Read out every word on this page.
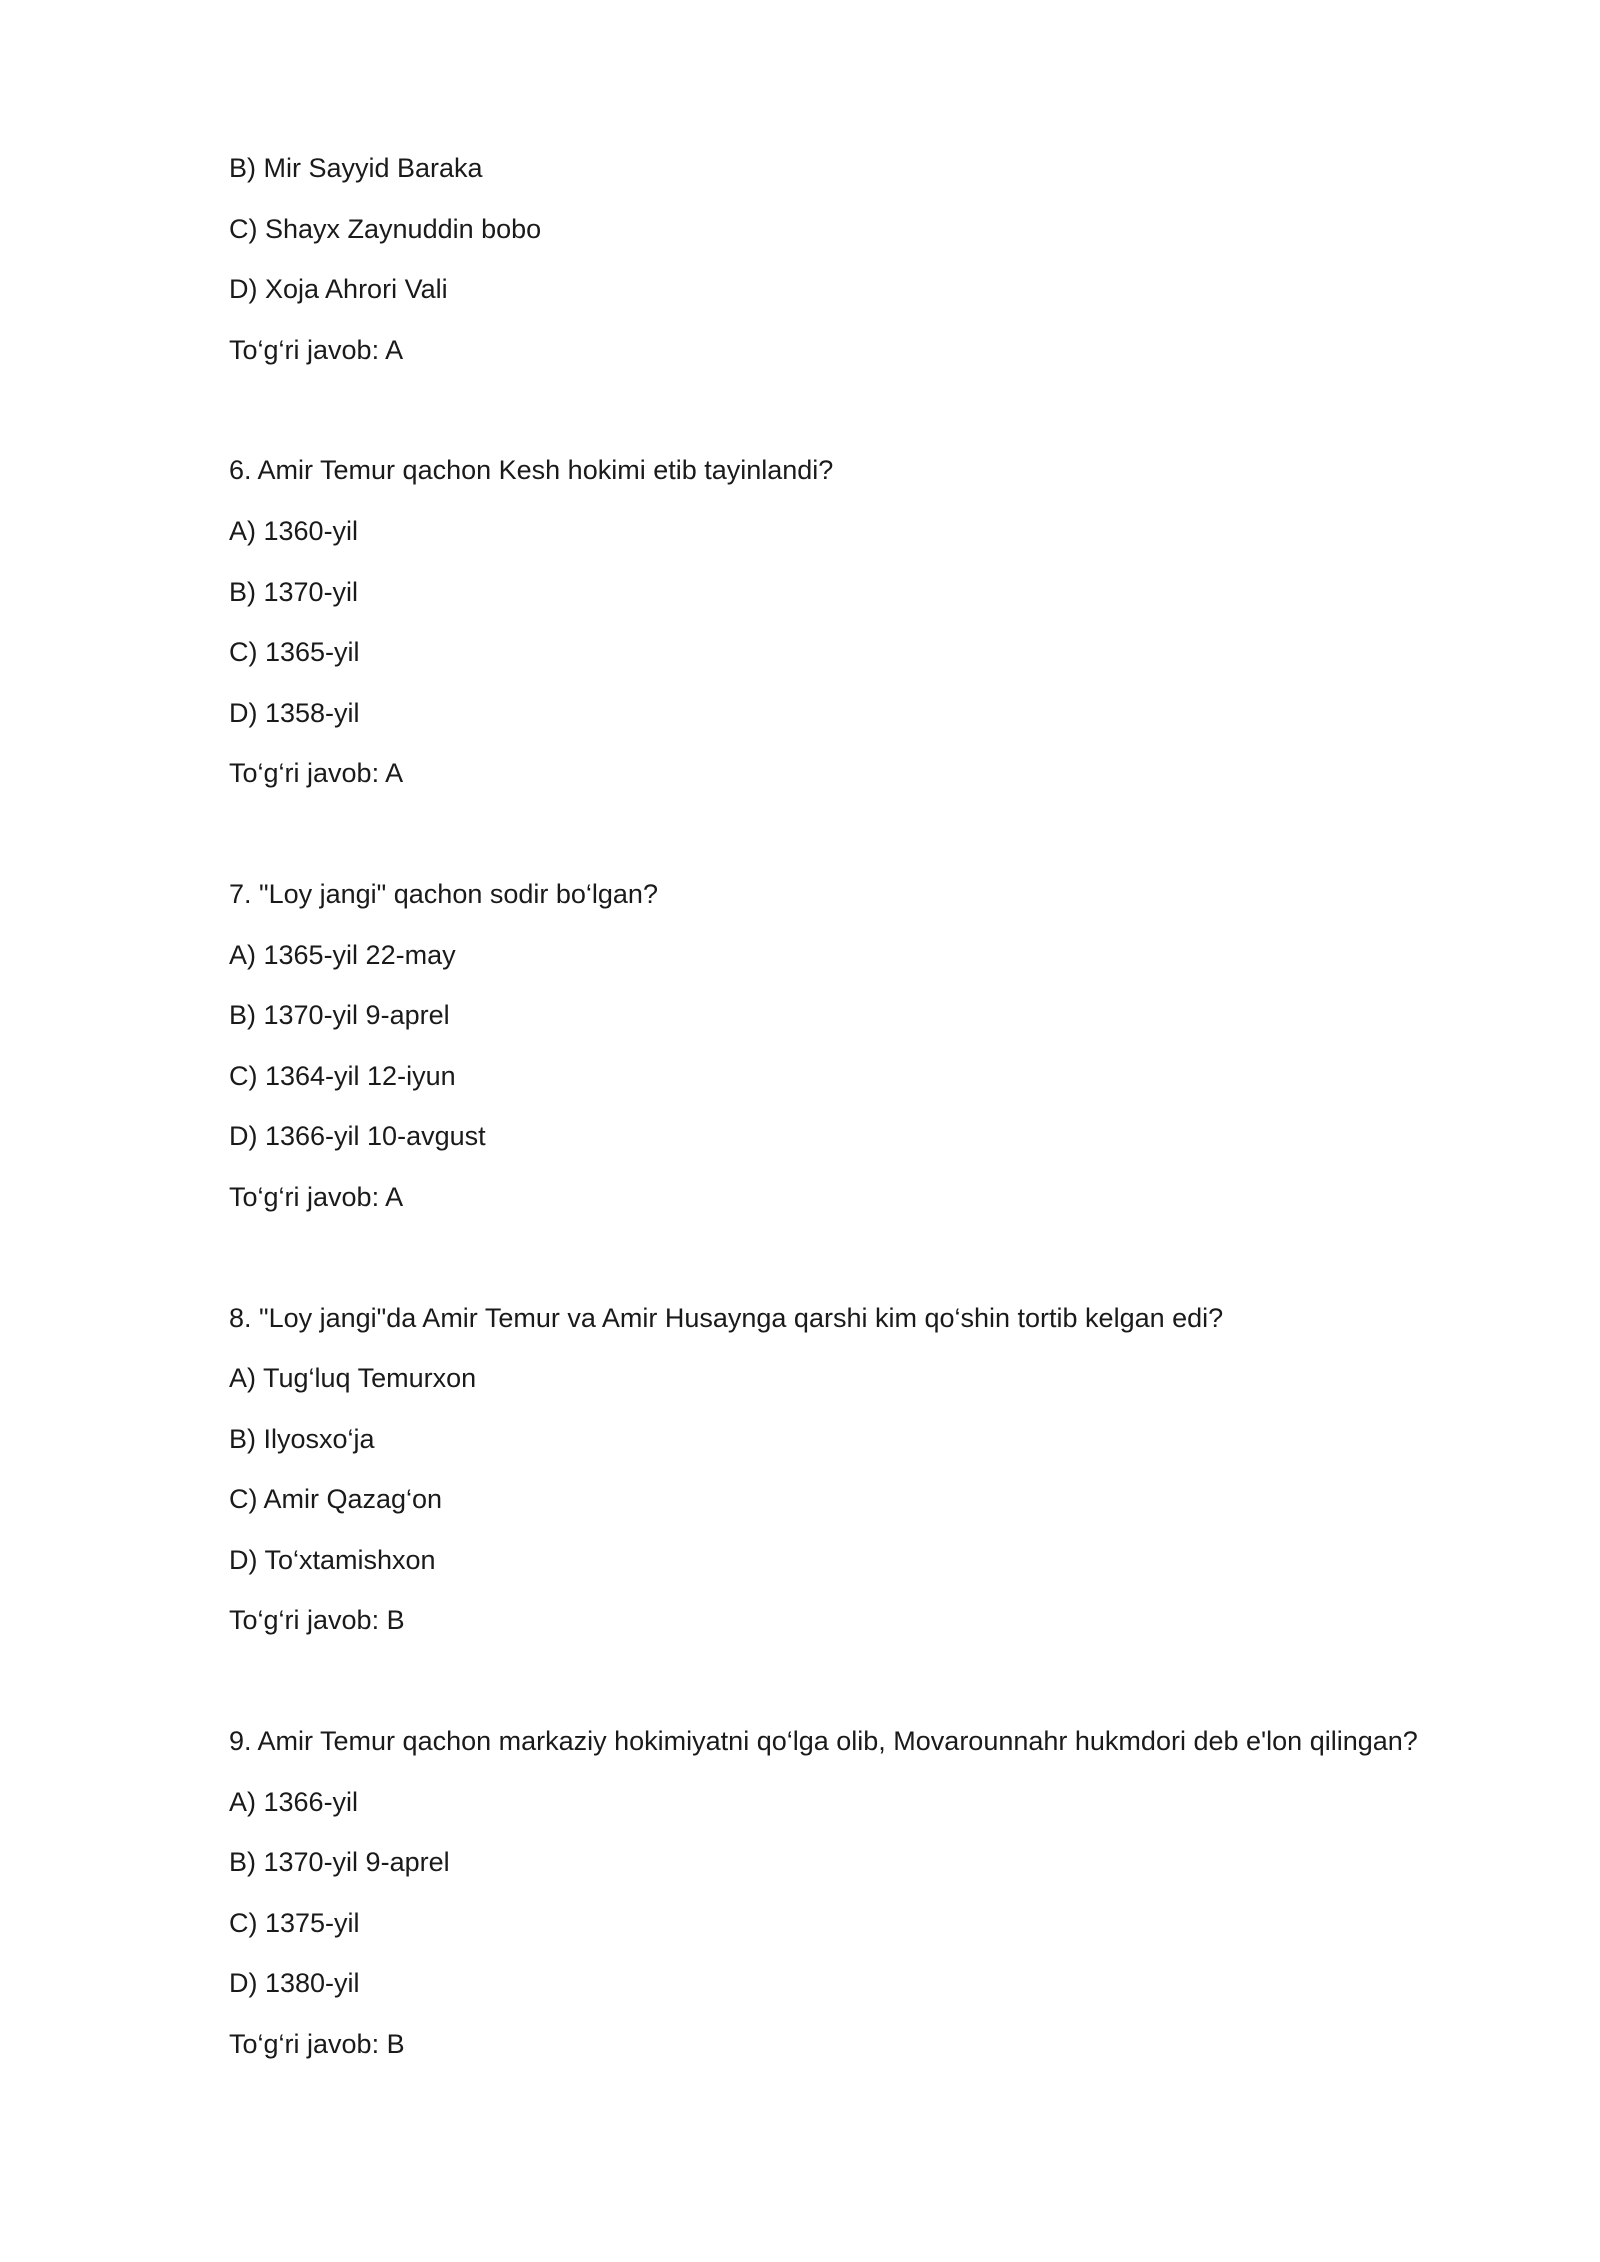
B) Mir Sayyid Baraka
C) Shayx Zaynuddin bobo
D) Xoja Ahrori Vali
To‘g‘ri javob: A
6. Amir Temur qachon Kesh hokimi etib tayinlandi?
A) 1360-yil
B) 1370-yil
C) 1365-yil
D) 1358-yil
To‘g‘ri javob: A
7. "Loy jangi" qachon sodir bo‘lgan?
A) 1365-yil 22-may
B) 1370-yil 9-aprel
C) 1364-yil 12-iyun
D) 1366-yil 10-avgust
To‘g‘ri javob: A
8. "Loy jangi"da Amir Temur va Amir Husaynga qarshi kim qo‘shin tortib kelgan edi?
A) Tug‘luq Temurxon
B) Ilyosxo‘ja
C) Amir Qazag‘on
D) To‘xtamishxon
To‘g‘ri javob: B
9. Amir Temur qachon markaziy hokimiyatni qo‘lga olib, Movarounnahr hukmdori deb e'lon qilingan?
A) 1366-yil
B) 1370-yil 9-aprel
C) 1375-yil
D) 1380-yil
To‘g‘ri javob: B
